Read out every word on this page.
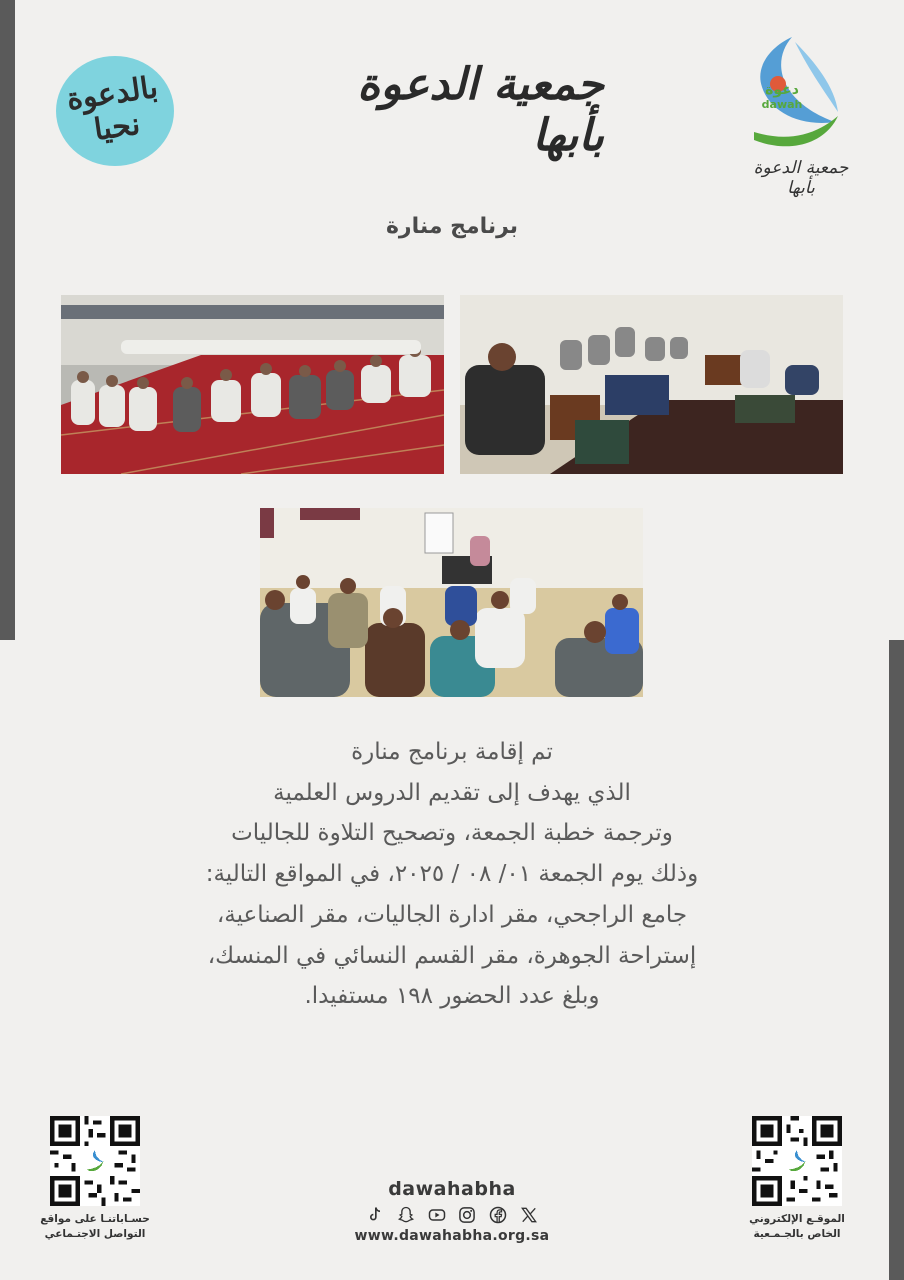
بالدعوة
نحيا
جمعية الدعوة بأبها
دعوة
dawah
جمعية الدعوة بأبها
برنامج منارة
تم إقامة برنامج منارة
الذي يهدف إلى تقديم الدروس العلمية
وترجمة خطبة الجمعة، وتصحيح التلاوة للجاليات
وذلك يوم الجمعة ٠١/ ٠٨ / ٢٠٢٥، في المواقع التالية:
جامع الراجحي، مقر ادارة الجاليات، مقر الصناعية،
إستراحة الجوهرة، مقر القسم النسائي في المنسك،
وبلغ عدد الحضور ١٩٨ مستفيدا.
حسـاباتنـا على مواقع
التواصل الاجتـماعي
الموقـع الإلكتروني
الخاص بالجـمـعية
dawahabha
www.dawahabha.org.sa
